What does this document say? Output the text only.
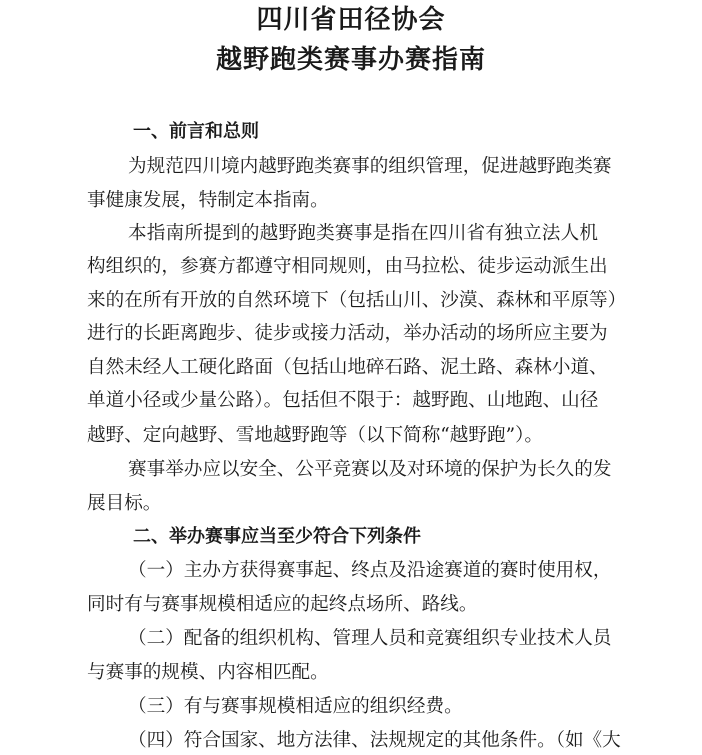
四川省田径协会
越野跑类赛事办赛指南
一、前言和总则

为规范四川境内越野跑类赛事的组织管理，促进越野跑类赛

事健康发展，特制定本指南。

本指南所提到的越野跑类赛事是指在四川省有独立法人机

构组织的，参赛方都遵守相同规则，由马拉松、徒步运动派生出

来的在所有开放的自然环境下（包括山川、沙漠、森林和平原等）

进行的长距离跑步、徒步或接力活动，举办活动的场所应主要为

自然未经人工硬化路面（包括山地碎石路、泥土路、森林小道、

单道小径或少量公路）。包括但不限于：越野跑、山地跑、山径

越野、定向越野、雪地越野跑等（以下简称“越野跑”）。

赛事举办应以安全、公平竞赛以及对环境的保护为长久的发

展目标。

二、举办赛事应当至少符合下列条件

（一）主办方获得赛事起、终点及沿途赛道的赛时使用权，

同时有与赛事规模相适应的起终点场所、路线。

（二）配备的组织机构、管理人员和竞赛组织专业技术人员

与赛事的规模、内容相匹配。

（三）有与赛事规模相适应的组织经费。

（四）符合国家、地方法律、法规规定的其他条件。（如《大
